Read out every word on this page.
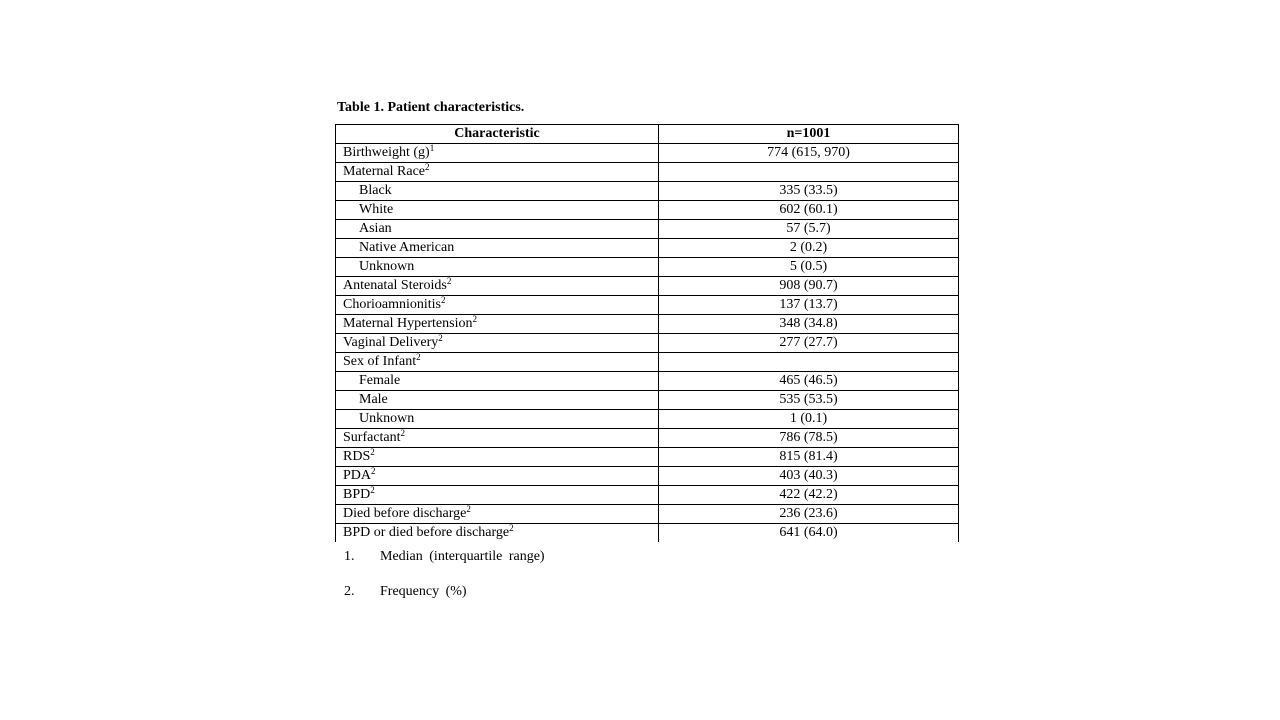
Table 1. Patient characteristics.
Characteristic	n=1001
Birthweight $(g)^1$	774 (615, 970)
Maternal Race$^2$	
Black	335 (33.5)
White	602 (60.1)
Asian	57 (5.7)
Native American	2 (0.2)
Unknown	5 (0.5)
Antenatal Steroids$^2$	908 (90.7)
Chorioamnionitis$^2$	137 (13.7)
Maternal Hypertension$^2$	348 (34.8)
Vaginal Delivery$^2$	277 (27.7)
Sex of Infant$^2$	
Female	465 (46.5)
Male	535 (53.5)
Unknown	1 (0.1)
Surfactant$^2$	786 (78.5)
RDS$^2$	815 (81.4)
PDA$^2$	403 (40.3)
BPD$^2$	422 (42.2)
Died before discharge$^2$	236 (23.6)
BPD or died before discharge$^2$	641 (64.0)
1. Median (interquartile range)
2. Frequency (%)
